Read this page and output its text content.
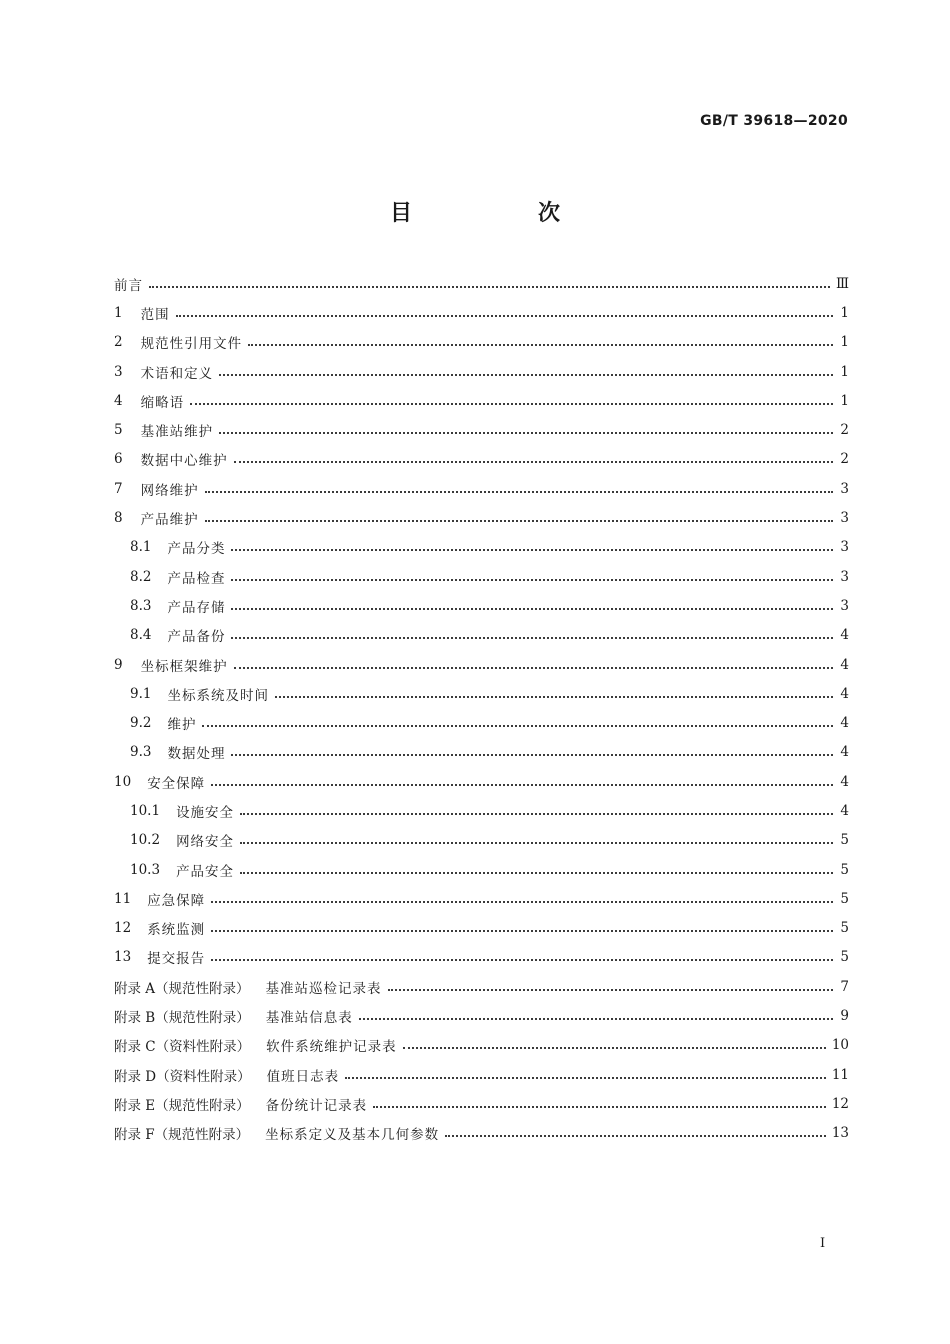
GB/T 39618—2020
目　次
前言	Ⅲ
1 范围	1
2 规范性引用文件	1
3 术语和定义	1
4 缩略语	1
5 基准站维护	2
6 数据中心维护	2
7 网络维护	3
8 产品维护	3
8.1 产品分类	3
8.2 产品检查	3
8.3 产品存储	3
8.4 产品备份	4
9 坐标框架维护	4
9.1 坐标系统及时间	4
9.2 维护	4
9.3 数据处理	4
10 安全保障	4
10.1 设施安全	4
10.2 网络安全	5
10.3 产品安全	5
11 应急保障	5
12 系统监测	5
13 提交报告	5
附录 A（规范性附录） 基准站巡检记录表	7
附录 B（规范性附录） 基准站信息表	9
附录 C（资料性附录） 软件系统维护记录表	10
附录 D（资料性附录） 值班日志表	11
附录 E（规范性附录） 备份统计记录表	12
附录 F（规范性附录） 坐标系定义及基本几何参数	13
Ⅰ
